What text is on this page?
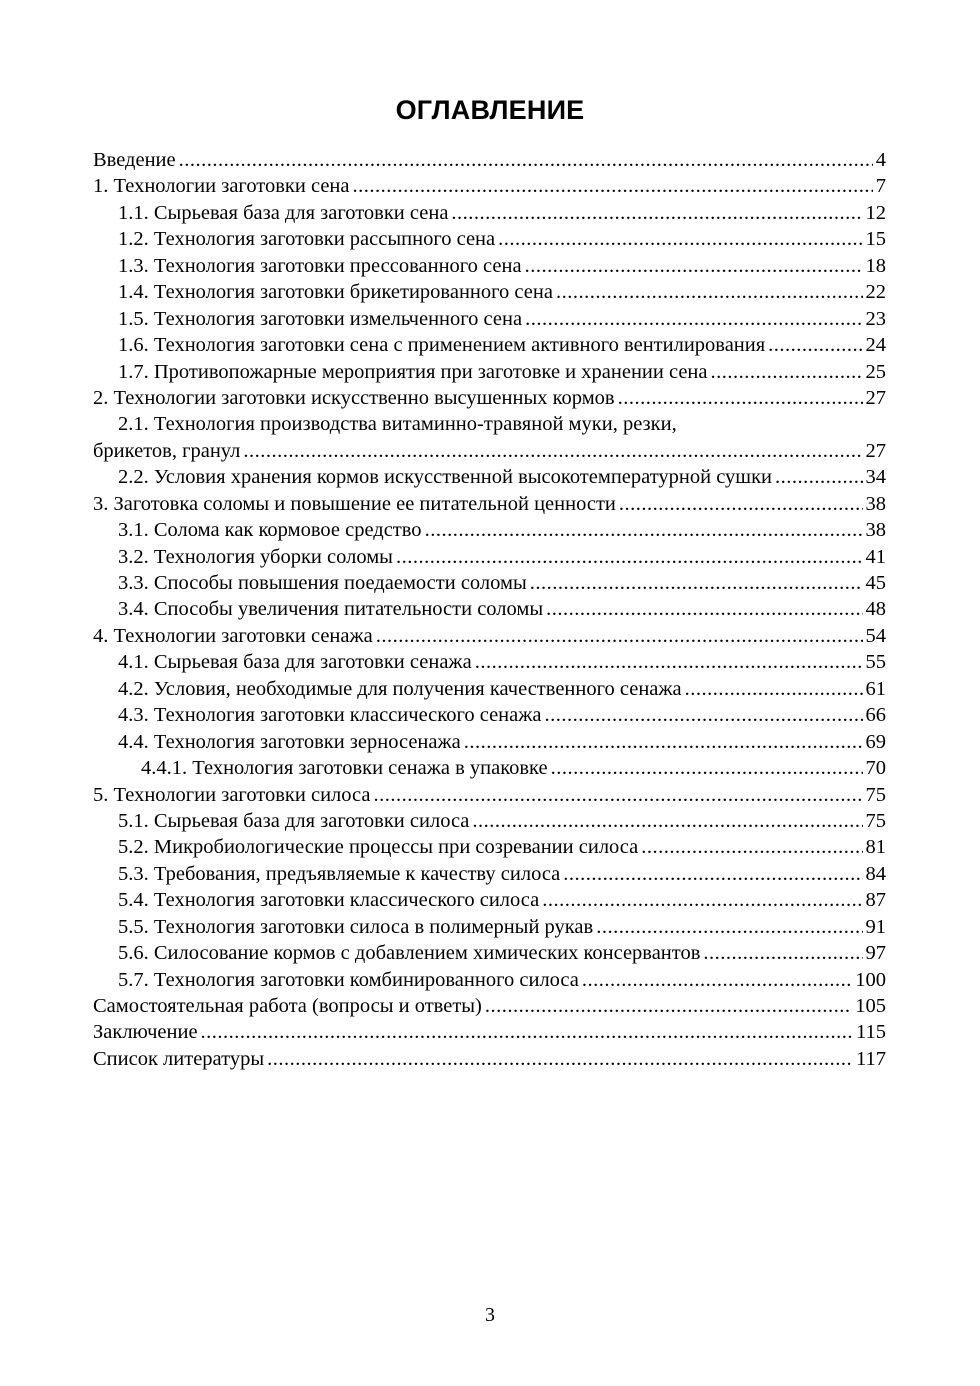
ОГЛАВЛЕНИЕ
Введение .....	4
1. Технологии заготовки сена .....	7
1.1. Сырьевая база для заготовки сена .....	12
1.2. Технология заготовки рассыпного сена .....	15
1.3. Технология заготовки прессованного сена .....	18
1.4. Технология заготовки брикетированного сена .....	22
1.5. Технология заготовки измельченного сена .....	23
1.6. Технология заготовки сена с применением активного вентилирования .....	24
1.7. Противопожарные мероприятия при заготовке и хранении сена .....	25
2. Технологии заготовки искусственно высушенных кормов .....	27
2.1. Технология производства витаминно-травяной муки, резки,
брикетов, гранул .....	27
2.2. Условия хранения кормов искусственной высокотемпературной сушки .....	34
3. Заготовка соломы и повышение ее питательной ценности .....	38
3.1. Солома как кормовое средство .....	38
3.2. Технология уборки соломы .....	41
3.3. Способы повышения поедаемости соломы .....	45
3.4. Способы увеличения питательности соломы .....	48
4. Технологии заготовки сенажа .....	54
4.1. Сырьевая база для заготовки сенажа .....	55
4.2. Условия, необходимые для получения качественного сенажа .....	61
4.3. Технология заготовки классического сенажа .....	66
4.4. Технология заготовки зерносенажа .....	69
4.4.1. Технология заготовки сенажа в упаковке .....	70
5. Технологии заготовки силоса .....	75
5.1. Сырьевая база для заготовки силоса .....	75
5.2. Микробиологические процессы при созревании силоса .....	81
5.3. Требования, предъявляемые к качеству силоса .....	84
5.4. Технология заготовки классического силоса .....	87
5.5. Технология заготовки силоса в полимерный рукав .....	91
5.6. Силосование кормов с добавлением химических консервантов .....	97
5.7. Технология заготовки комбинированного силоса .....	100
Самостоятельная работа (вопросы и ответы) .....	105
Заключение .....	115
Список литературы .....	117
3
